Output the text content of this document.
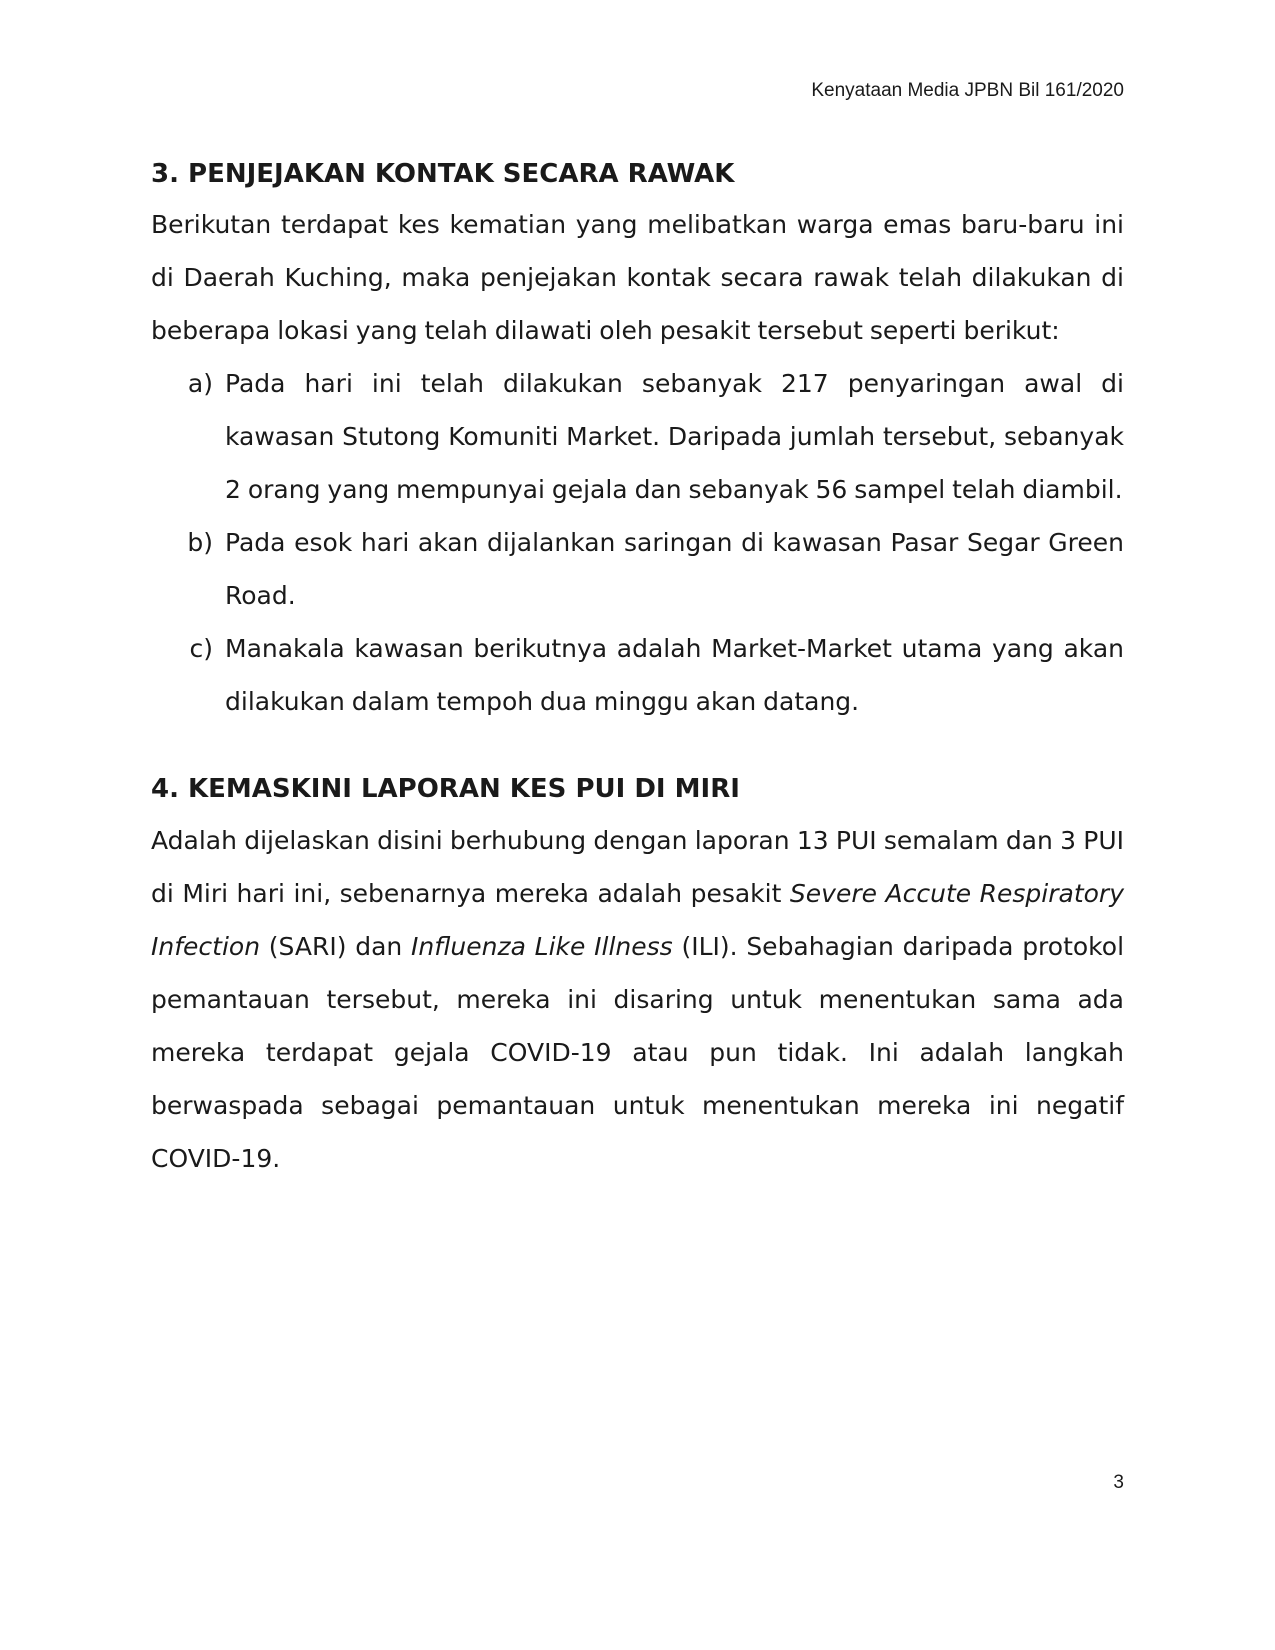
Kenyataan Media JPBN Bil 161/2020
3. PENJEJAKAN KONTAK SECARA RAWAK

Berikutan terdapat kes kematian yang melibatkan warga emas baru-baru ini di Daerah Kuching, maka penjejakan kontak secara rawak telah dilakukan di beberapa lokasi yang telah dilawati oleh pesakit tersebut seperti berikut:

a) Pada hari ini telah dilakukan sebanyak 217 penyaringan awal di kawasan Stutong Komuniti Market. Daripada jumlah tersebut, sebanyak 2 orang yang mempunyai gejala dan sebanyak 56 sampel telah diambil.
b) Pada esok hari akan dijalankan saringan di kawasan Pasar Segar Green Road.
c) Manakala kawasan berikutnya adalah Market-Market utama yang akan dilakukan dalam tempoh dua minggu akan datang.
4. KEMASKINI LAPORAN KES PUI DI MIRI

Adalah dijelaskan disini berhubung dengan laporan 13 PUI semalam dan 3 PUI di Miri hari ini, sebenarnya mereka adalah pesakit Severe Accute Respiratory Infection (SARI) dan Influenza Like Illness (ILI). Sebahagian daripada protokol pemantauan tersebut, mereka ini disaring untuk menentukan sama ada mereka terdapat gejala COVID-19 atau pun tidak. Ini adalah langkah berwaspada sebagai pemantauan untuk menentukan mereka ini negatif COVID-19.

3
